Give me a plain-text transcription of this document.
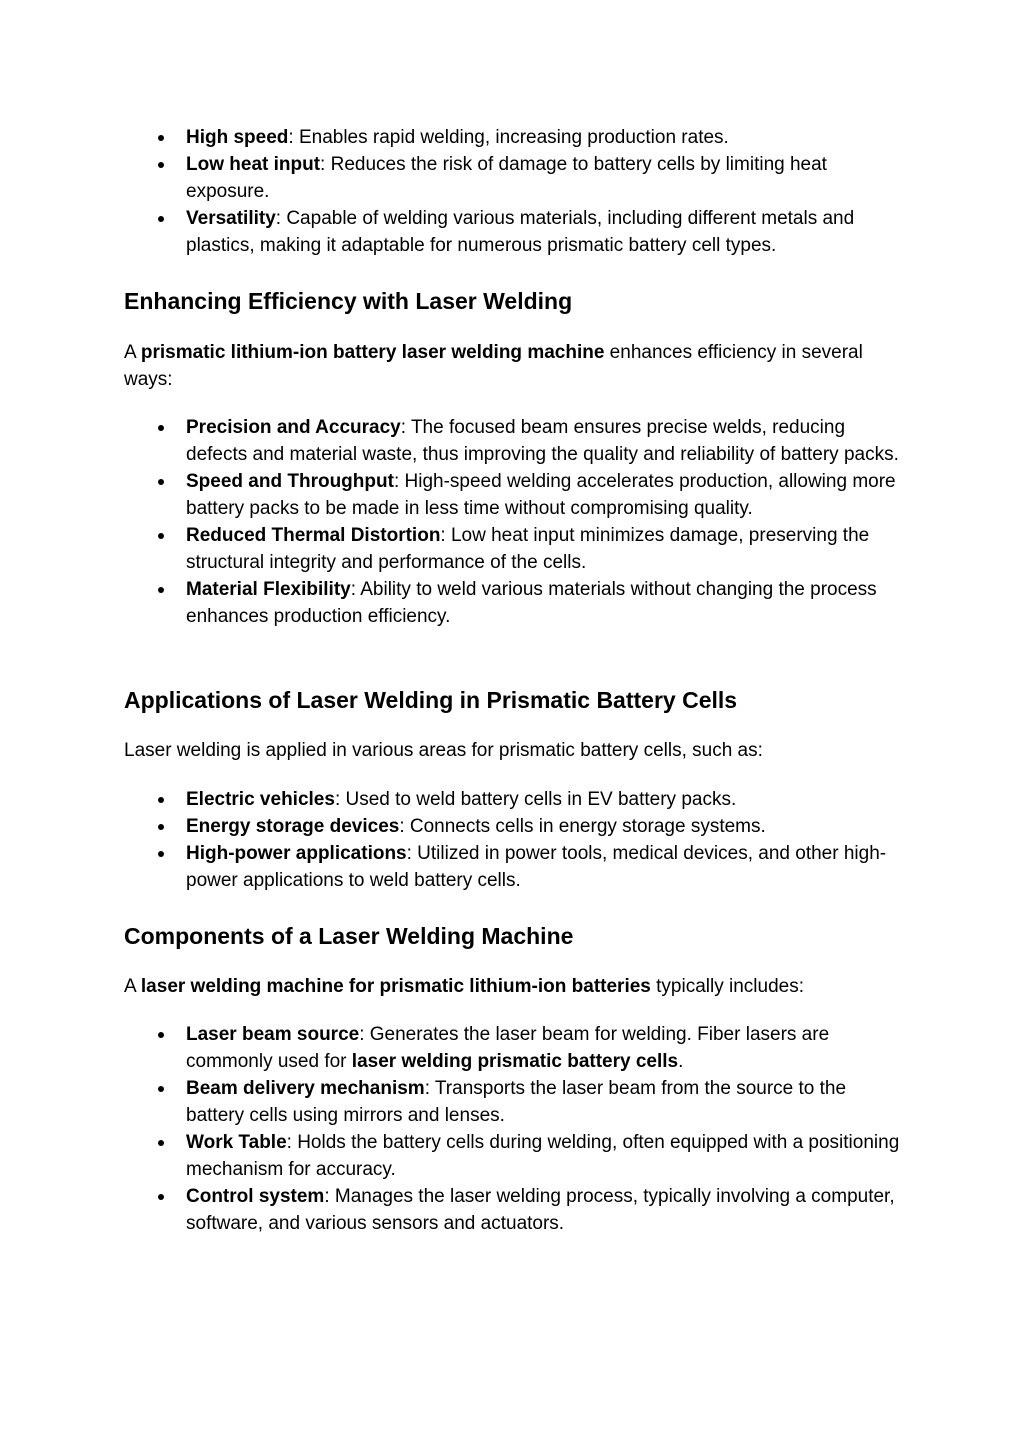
High speed: Enables rapid welding, increasing production rates.
Low heat input: Reduces the risk of damage to battery cells by limiting heat exposure.
Versatility: Capable of welding various materials, including different metals and plastics, making it adaptable for numerous prismatic battery cell types.
Enhancing Efficiency with Laser Welding

A prismatic lithium-ion battery laser welding machine enhances efficiency in several ways:

Precision and Accuracy: The focused beam ensures precise welds, reducing defects and material waste, thus improving the quality and reliability of battery packs.
Speed and Throughput: High-speed welding accelerates production, allowing more battery packs to be made in less time without compromising quality.
Reduced Thermal Distortion: Low heat input minimizes damage, preserving the structural integrity and performance of the cells.
Material Flexibility: Ability to weld various materials without changing the process enhances production efficiency.
Applications of Laser Welding in Prismatic Battery Cells

Laser welding is applied in various areas for prismatic battery cells, such as:

Electric vehicles: Used to weld battery cells in EV battery packs.
Energy storage devices: Connects cells in energy storage systems.
High-power applications: Utilized in power tools, medical devices, and other high-power applications to weld battery cells.
Components of a Laser Welding Machine

A laser welding machine for prismatic lithium-ion batteries typically includes:

Laser beam source: Generates the laser beam for welding. Fiber lasers are commonly used for laser welding prismatic battery cells.
Beam delivery mechanism: Transports the laser beam from the source to the battery cells using mirrors and lenses.
Work Table: Holds the battery cells during welding, often equipped with a positioning mechanism for accuracy.
Control system: Manages the laser welding process, typically involving a computer, software, and various sensors and actuators.
